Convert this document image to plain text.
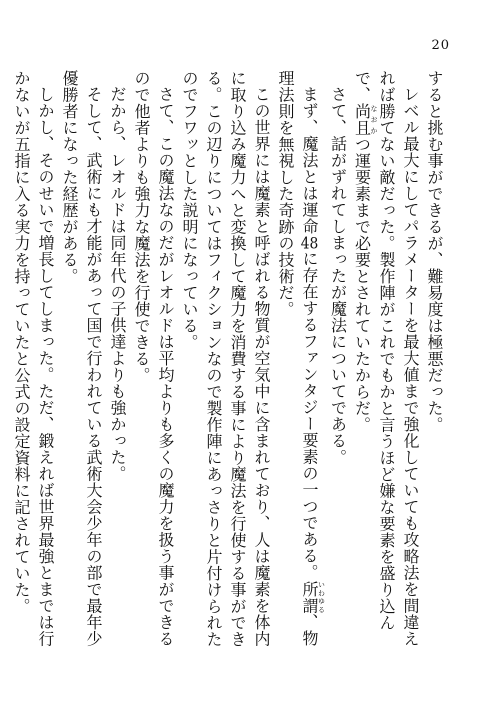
20

すると挑む事ができるが、難易度は極悪だった。

レベル最大にしてパラメーターを最大値まで強化していても攻略法を間違えれば勝てない敵だった。製作陣がこれでもかと言うほど嫌な要素を盛り込んで、尚且なおかつ運要素まで必要とされていたからだ。

さて、話がずれてしまったが魔法についてである。

まず、魔法とは運命48に存在するファンタジー要素の一つである。所謂いわゆる、物理法則を無視した奇跡の技術だ。

この世界には魔素と呼ばれる物質が空気中に含まれており、人は魔素を体内に取り込み魔力へと変換して魔力を消費する事により魔法を行使する事ができる。この辺りについてはフィクションなので製作陣にあっさりと片付けられたのでフワッとした説明になっている。

さて、この魔法なのだがレオルドは平均よりも多くの魔力を扱う事ができるので他者よりも強力な魔法を行使できる。

だから、レオルドは同年代の子供達よりも強かった。

そして、武術にも才能があって国で行われている武術大会少年の部で最年少優勝者になった経歴がある。

しかし、そのせいで増長してしまった。ただ、鍛えれば世界最強とまでは行かないが五指に入る実力を持っていたと公式の設定資料に記されていた。
